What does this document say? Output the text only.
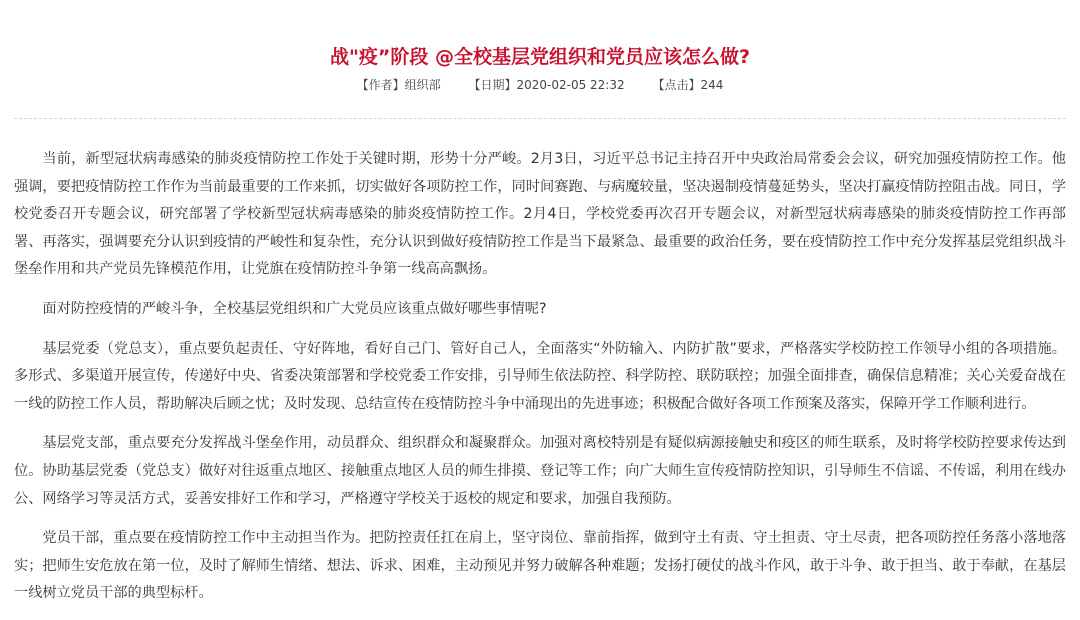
战"疫”阶段 @全校基层党组织和党员应该怎么做?
【作者】组织部 【日期】2020-02-05 22:32 【点击】244

当前，新型冠状病毒感染的肺炎疫情防控工作处于关键时期，形势十分严峻。2月3日，习近平总书记主持召开中央政治局常委会会议，研究加强疫情防控工作。他强调，要把疫情防控工作作为当前最重要的工作来抓，切实做好各项防控工作，同时间赛跑、与病魔较量，坚决遏制疫情蔓延势头，坚决打赢疫情防控阻击战。同日，学校党委召开专题会议，研究部署了学校新型冠状病毒感染的肺炎疫情防控工作。2月4日，学校党委再次召开专题会议，对新型冠状病毒感染的肺炎疫情防控工作再部署、再落实，强调要充分认识到疫情的严峻性和复杂性，充分认识到做好疫情防控工作是当下最紧急、最重要的政治任务，要在疫情防控工作中充分发挥基层党组织战斗堡垒作用和共产党员先锋模范作用，让党旗在疫情防控斗争第一线高高飘扬。

面对防控疫情的严峻斗争，全校基层党组织和广大党员应该重点做好哪些事情呢?

基层党委（党总支），重点要负起责任、守好阵地，看好自己门、管好自己人，全面落实“外防输入、内防扩散”要求，严格落实学校防控工作领导小组的各项措施。多形式、多渠道开展宣传，传递好中央、省委决策部署和学校党委工作安排，引导师生依法防控、科学防控、联防联控；加强全面排查，确保信息精准；关心关爱奋战在一线的防控工作人员，帮助解决后顾之忧；及时发现、总结宣传在疫情防控斗争中涌现出的先进事迹；积极配合做好各项工作预案及落实，保障开学工作顺利进行。

基层党支部，重点要充分发挥战斗堡垒作用，动员群众、组织群众和凝聚群众。加强对离校特别是有疑似病源接触史和疫区的师生联系，及时将学校防控要求传达到位。协助基层党委（党总支）做好对往返重点地区、接触重点地区人员的师生排摸、登记等工作；向广大师生宣传疫情防控知识，引导师生不信谣、不传谣，利用在线办公、网络学习等灵活方式，妥善安排好工作和学习，严格遵守学校关于返校的规定和要求，加强自我预防。

党员干部，重点要在疫情防控工作中主动担当作为。把防控责任扛在肩上，坚守岗位、靠前指挥，做到守土有责、守土担责、守土尽责，把各项防控任务落小落地落实；把师生安危放在第一位，及时了解师生情绪、想法、诉求、困难，主动预见并努力破解各种难题；发扬打硬仗的战斗作风，敢于斗争、敢于担当、敢于奉献，在基层一线树立党员干部的典型标杆。
